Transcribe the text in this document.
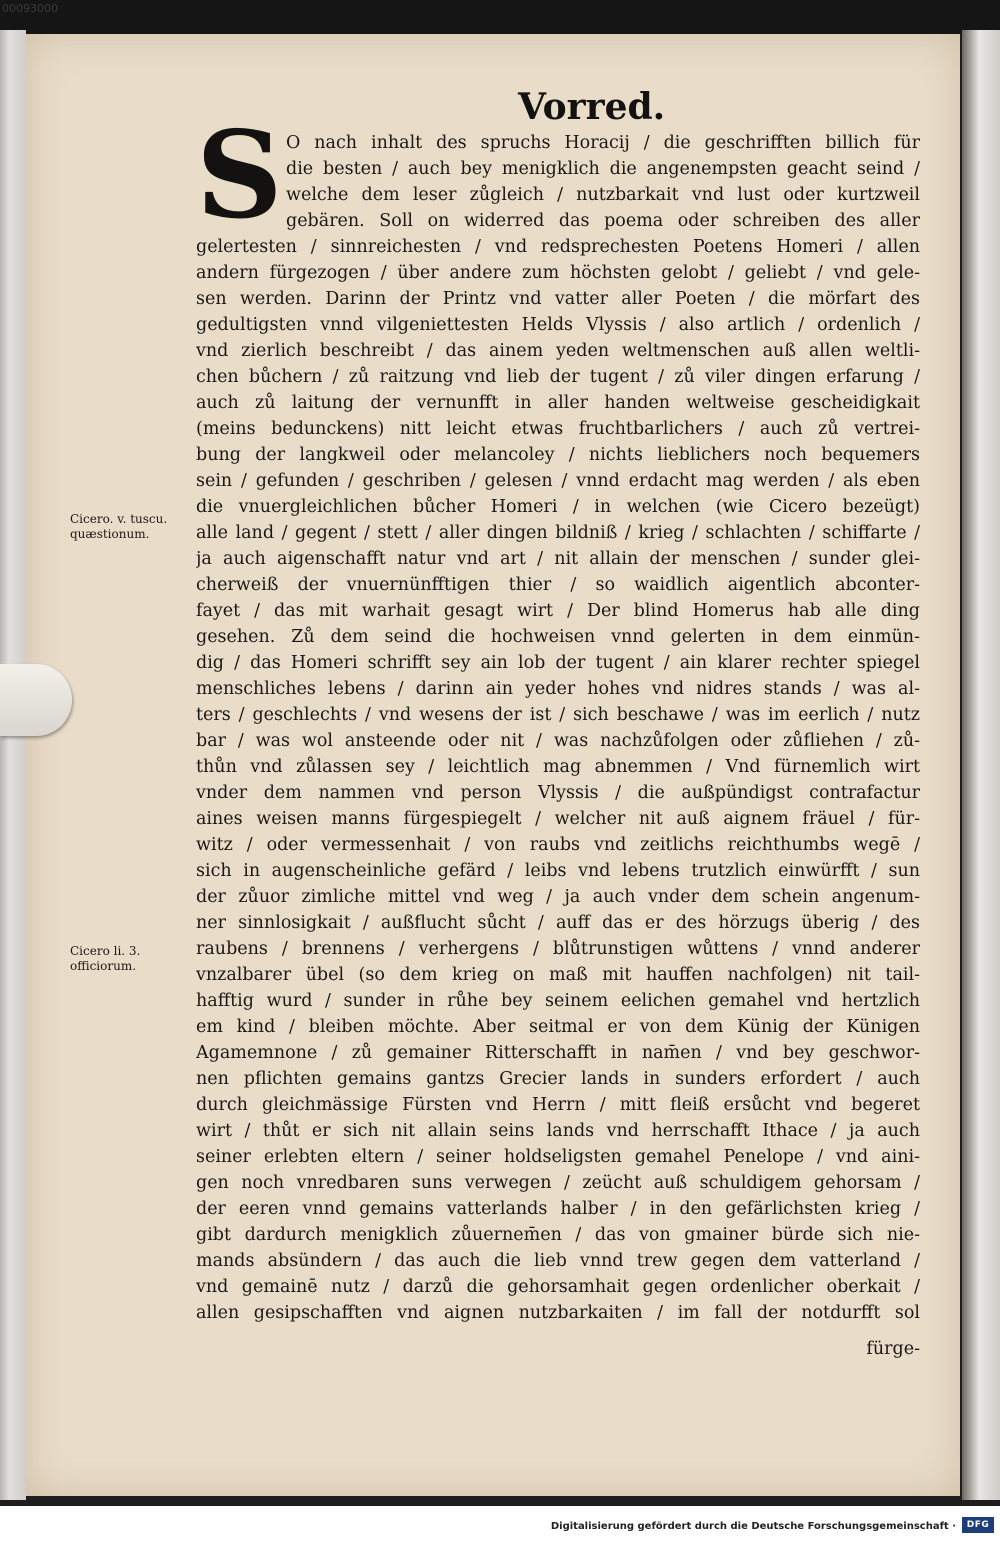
00093000
Vorred.
S
Cicero. v. tuscu. quæstionum.
Cicero li. 3. officiorum.
O nach inhalt des spruchs Horacij / die geschrifften billich für
die besten / auch bey menigklich die angenempsten geacht seind /
welche dem leser zůgleich / nutzbarkait vnd lust oder kurtzweil
gebären. Soll on widerred das poema oder schreiben des aller
gelertesten / sinnreichesten / vnd redsprechesten Poetens Homeri / allen
andern fürgezogen / über andere zum höchsten gelobt / geliebt / vnd gele-
sen werden. Darinn der Printz vnd vatter aller Poeten / die mörfart des
gedultigsten vnnd vilgeniettesten Helds Vlyssis / also artlich / ordenlich /
vnd zierlich beschreibt / das ainem yeden weltmenschen auß allen weltli-
chen bůchern / zů raitzung vnd lieb der tugent / zů viler dingen erfarung /
auch zů laitung der vernunfft in aller handen weltweise gescheidigkait
(meins bedunckens) nitt leicht etwas fruchtbarlichers / auch zů vertrei-
bung der langkweil oder melancoley / nichts lieblichers noch bequemers
sein / gefunden / geschriben / gelesen / vnnd erdacht mag werden / als eben
die vnuergleichlichen bůcher Homeri / in welchen (wie Cicero bezeügt)
alle land / gegent / stett / aller dingen bildniß / krieg / schlachten / schiffarte /
ja auch aigenschafft natur vnd art / nit allain der menschen / sunder glei-
cherweiß der vnuernünfftigen thier / so waidlich aigentlich abconter-
fayet / das mit warhait gesagt wirt / Der blind Homerus hab alle ding
gesehen. Zů dem seind die hochweisen vnnd gelerten in dem einmün-
dig / das Homeri schrifft sey ain lob der tugent / ain klarer rechter spiegel
menschliches lebens / darinn ain yeder hohes vnd nidres stands / was al-
ters / geschlechts / vnd wesens der ist / sich beschawe / was im eerlich / nutz
bar / was wol ansteende oder nit / was nachzůfolgen oder zůfliehen / zů-
thůn vnd zůlassen sey / leichtlich mag abnemmen / Vnd fürnemlich wirt
vnder dem nammen vnd person Vlyssis / die außpündigst contrafactur
aines weisen manns fürgespiegelt / welcher nit auß aignem fräuel / für-
witz / oder vermessenhait / von raubs vnd zeitlichs reichthumbs wegē /
sich in augenscheinliche gefärd / leibs vnd lebens trutzlich einwürfft / sun
der zůuor zimliche mittel vnd weg / ja auch vnder dem schein angenum-
ner sinnlosigkait / außflucht sůcht / auff das er des hörzugs überig / des
raubens / brennens / verhergens / blůtrunstigen wůttens / vnnd anderer
vnzalbarer übel (so dem krieg on maß mit hauffen nachfolgen) nit tail-
hafftig wurd / sunder in růhe bey seinem eelichen gemahel vnd hertzlich
em kind / bleiben möchte. Aber seitmal er von dem Künig der Künigen
Agamemnone / zů gemainer Ritterschafft in nam̄en / vnd bey geschwor-
nen pflichten gemains gantzs Grecier lands in sunders erfordert / auch
durch gleichmässige Fürsten vnd Herrn / mitt fleiß ersůcht vnd begeret
wirt / thůt er sich nit allain seins lands vnd herrschafft Ithace / ja auch
seiner erlebten eltern / seiner holdseligsten gemahel Penelope / vnd aini-
gen noch vnredbaren suns verwegen / zeücht auß schuldigem gehorsam /
der eeren vnnd gemains vatterlands halber / in den gefärlichsten krieg /
gibt dardurch menigklich zůuernem̄en / das von gmainer bürde sich nie-
mands absündern / das auch die lieb vnnd trew gegen dem vatterland /
vnd gemainē nutz / darzů die gehorsamhait gegen ordenlicher oberkait /
allen gesipschafften vnd aignen nutzbarkaiten / im fall der notdurfft sol
fürge-
Digitalisierung gefördert durch die Deutsche Forschungsgemeinschaft ·	DFG
